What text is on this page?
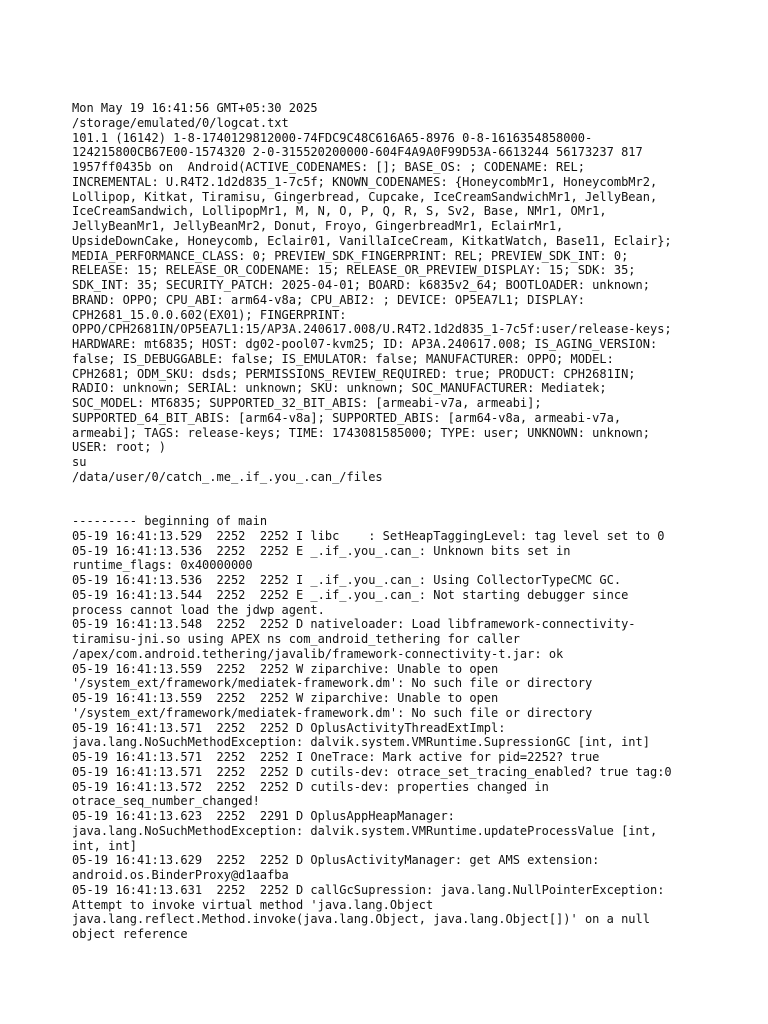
Mon May 19 16:41:56 GMT+05:30 2025
/storage/emulated/0/logcat.txt
101.1 (16142) 1-8-1740129812000-74FDC9C48C616A65-8976 0-8-1616354858000-
124215800CB67E00-1574320 2-0-315520200000-604F4A9A0F99D53A-6613244 56173237 817
1957ff0435b on  Android(ACTIVE_CODENAMES: []; BASE_OS: ; CODENAME: REL;
INCREMENTAL: U.R4T2.1d2d835_1-7c5f; KNOWN_CODENAMES: {HoneycombMr1, HoneycombMr2,
Lollipop, Kitkat, Tiramisu, Gingerbread, Cupcake, IceCreamSandwichMr1, JellyBean,
IceCreamSandwich, LollipopMr1, M, N, O, P, Q, R, S, Sv2, Base, NMr1, OMr1,
JellyBeanMr1, JellyBeanMr2, Donut, Froyo, GingerbreadMr1, EclairMr1,
UpsideDownCake, Honeycomb, Eclair01, VanillaIceCream, KitkatWatch, Base11, Eclair};
MEDIA_PERFORMANCE_CLASS: 0; PREVIEW_SDK_FINGERPRINT: REL; PREVIEW_SDK_INT: 0;
RELEASE: 15; RELEASE_OR_CODENAME: 15; RELEASE_OR_PREVIEW_DISPLAY: 15; SDK: 35;
SDK_INT: 35; SECURITY_PATCH: 2025-04-01; BOARD: k6835v2_64; BOOTLOADER: unknown;
BRAND: OPPO; CPU_ABI: arm64-v8a; CPU_ABI2: ; DEVICE: OP5EA7L1; DISPLAY:
CPH2681_15.0.0.602(EX01); FINGERPRINT:
OPPO/CPH2681IN/OP5EA7L1:15/AP3A.240617.008/U.R4T2.1d2d835_1-7c5f:user/release-keys;
HARDWARE: mt6835; HOST: dg02-pool07-kvm25; ID: AP3A.240617.008; IS_AGING_VERSION:
false; IS_DEBUGGABLE: false; IS_EMULATOR: false; MANUFACTURER: OPPO; MODEL:
CPH2681; ODM_SKU: dsds; PERMISSIONS_REVIEW_REQUIRED: true; PRODUCT: CPH2681IN;
RADIO: unknown; SERIAL: unknown; SKU: unknown; SOC_MANUFACTURER: Mediatek;
SOC_MODEL: MT6835; SUPPORTED_32_BIT_ABIS: [armeabi-v7a, armeabi];
SUPPORTED_64_BIT_ABIS: [arm64-v8a]; SUPPORTED_ABIS: [arm64-v8a, armeabi-v7a,
armeabi]; TAGS: release-keys; TIME: 1743081585000; TYPE: user; UNKNOWN: unknown;
USER: root; )
su
/data/user/0/catch_.me_.if_.you_.can_/files
--------- beginning of main
05-19 16:41:13.529  2252  2252 I libc    : SetHeapTaggingLevel: tag level set to 0
05-19 16:41:13.536  2252  2252 E _.if_.you_.can_: Unknown bits set in
runtime_flags: 0x40000000
05-19 16:41:13.536  2252  2252 I _.if_.you_.can_: Using CollectorTypeCMC GC.
05-19 16:41:13.544  2252  2252 E _.if_.you_.can_: Not starting debugger since
process cannot load the jdwp agent.
05-19 16:41:13.548  2252  2252 D nativeloader: Load libframework-connectivity-
tiramisu-jni.so using APEX ns com_android_tethering for caller
/apex/com.android.tethering/javalib/framework-connectivity-t.jar: ok
05-19 16:41:13.559  2252  2252 W ziparchive: Unable to open
'/system_ext/framework/mediatek-framework.dm': No such file or directory
05-19 16:41:13.559  2252  2252 W ziparchive: Unable to open
'/system_ext/framework/mediatek-framework.dm': No such file or directory
05-19 16:41:13.571  2252  2252 D OplusActivityThreadExtImpl:
java.lang.NoSuchMethodException: dalvik.system.VMRuntime.SupressionGC [int, int]
05-19 16:41:13.571  2252  2252 I OneTrace: Mark active for pid=2252? true
05-19 16:41:13.571  2252  2252 D cutils-dev: otrace_set_tracing_enabled? true tag:0
05-19 16:41:13.572  2252  2252 D cutils-dev: properties changed in
otrace_seq_number_changed!
05-19 16:41:13.623  2252  2291 D OplusAppHeapManager:
java.lang.NoSuchMethodException: dalvik.system.VMRuntime.updateProcessValue [int,
int, int]
05-19 16:41:13.629  2252  2252 D OplusActivityManager: get AMS extension:
android.os.BinderProxy@d1aafba
05-19 16:41:13.631  2252  2252 D callGcSupression: java.lang.NullPointerException:
Attempt to invoke virtual method 'java.lang.Object
java.lang.reflect.Method.invoke(java.lang.Object, java.lang.Object[])' on a null
object reference
